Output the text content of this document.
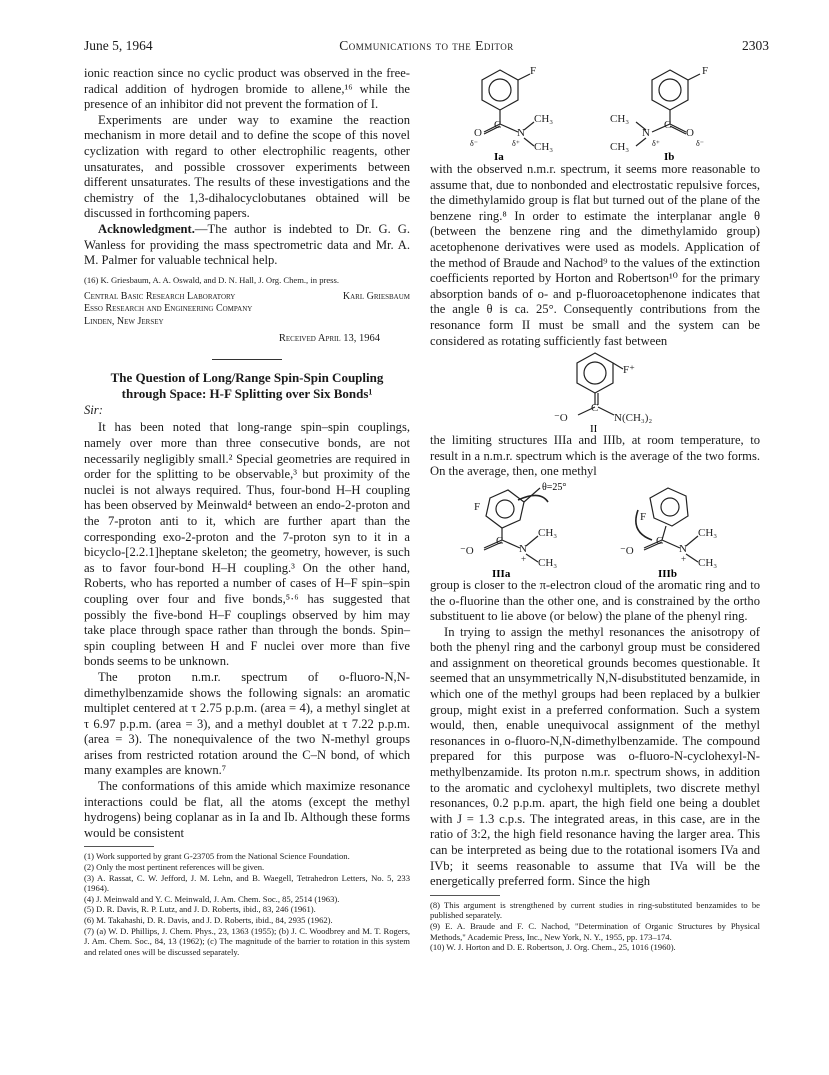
June 5, 1964	Communications to the Editor	2303

ionic reaction since no cyclic product was observed in the free-radical addition of hydrogen bromide to allene,¹⁶ while the presence of an inhibitor did not prevent the formation of I.

Experiments are under way to examine the reaction mechanism in more detail and to define the scope of this novel cyclization with regard to other electrophilic reagents, other unsaturates, and possible crossover experiments between different unsaturates. The results of these investigations and the chemistry of the 1,3-dihalocyclobutanes obtained will be discussed in forthcoming papers.

Acknowledgment.—The author is indebted to Dr. G. G. Wanless for providing the mass spectrometric data and Mr. A. M. Palmer for valuable technical help.

(16) K. Griesbaum, A. A. Oswald, and D. N. Hall, J. Org. Chem., in press.

Central Basic Research Laboratory	Karl Griesbaum
Esso Research and Engineering Company
Linden, New Jersey
Received April 13, 1964

The Question of Long/Range Spin-Spin Coupling

through Space: H-F Splitting over Six Bonds¹

Sir:

It has been noted that long-range spin–spin couplings, namely over more than three consecutive bonds, are not necessarily negligibly small.² Special geometries are required in order for the splitting to be observable,³ but proximity of the nuclei is not always required. Thus, four-bond H–H coupling has been observed by Meinwald⁴ between an endo-2-proton and the 7-proton anti to it, which are further apart than the corresponding exo-2-proton and the 7-proton syn to it in a bicyclo-[2.2.1]heptane skeleton; the geometry, however, is such as to favor four-bond H–H coupling.³ On the other hand, Roberts, who has reported a number of cases of H–F spin–spin coupling over four and five bonds,⁵·⁶ has suggested that possibly the five-bond H–F couplings observed by him may take place through space rather than through the bonds. Spin–spin coupling between H and F nuclei over more than five bonds seems to be unknown.

The proton n.m.r. spectrum of o-fluoro-N,N-dimethylbenzamide shows the following signals: an aromatic multiplet centered at τ 2.75 p.p.m. (area = 4), a methyl singlet at τ 6.97 p.p.m. (area = 3), and a methyl doublet at τ 7.22 p.p.m. (area = 3). The nonequivalence of the two N-methyl groups arises from restricted rotation around the C–N bond, of which many examples are known.⁷

The conformations of this amide which maximize resonance interactions could be flat, all the atoms (except the methyl hydrogens) being coplanar as in Ia and Ib. Although these forms would be consistent

(1) Work supported by grant G-23705 from the National Science Foundation.

(2) Only the most pertinent references will be given.

(3) A. Rassat, C. W. Jefford, J. M. Lehn, and B. Waegell, Tetrahedron Letters, No. 5, 233 (1964).

(4) J. Meinwald and Y. C. Meinwald, J. Am. Chem. Soc., 85, 2514 (1963).

(5) D. R. Davis, R. P. Lutz, and J. D. Roberts, ibid., 83, 246 (1961).

(6) M. Takahashi, D. R. Davis, and J. D. Roberts, ibid., 84, 2935 (1962).

(7) (a) W. D. Phillips, J. Chem. Phys., 23, 1363 (1955); (b) J. C. Woodbrey and M. T. Rogers, J. Am. Chem. Soc., 84, 13 (1962); (c) The magnitude of the barrier to rotation in this system and related ones will be discussed separately.

F
C
O	N
CH₃
CH₃
δ⁻	δ⁺
F
C
O
N
CH₃
CH₃	δ⁻
δ⁺
Ia	Ib

with the observed n.m.r. spectrum, it seems more reasonable to assume that, due to nonbonded and electrostatic repulsive forces, the dimethylamido group is flat but turned out of the plane of the benzene ring.⁸ In order to estimate the interplanar angle θ (between the benzene ring and the dimethylamido group) acetophenone derivatives were used as models. Application of the method of Braude and Nachod⁹ to the values of the extinction coefficients reported by Horton and Robertson¹⁰ for the primary absorption bands of o- and p-fluoroacetophenone indicates that the angle θ is ca. 25°. Consequently contributions from the resonance form II must be small and the system can be considered as rotating sufficiently fast between

F⁺
C
⁻O	N(CH₃)₂
II

the limiting structures IIIa and IIIb, at room temperature, to result in a n.m.r. spectrum which is the average of the two forms. On the average, then, one methyl

F
C
⁻O	N
CH₃
CH₃
+
F
C
⁻O	N
CH₃
CH₃
+
θ=25°
IIIa	IIIb

group is closer to the π-electron cloud of the aromatic ring and to the o-fluorine than the other one, and is constrained by the ortho substituent to lie above (or below) the plane of the phenyl ring.

In trying to assign the methyl resonances the anisotropy of both the phenyl ring and the carbonyl group must be considered and assignment on theoretical grounds becomes questionable. It seemed that an unsymmetrically N,N-disubstituted benzamide, in which one of the methyl groups had been replaced by a bulkier group, might exist in a preferred conformation. Such a system would, then, enable unequivocal assignment of the methyl resonances in o-fluoro-N,N-dimethylbenzamide. The compound prepared for this purpose was o-fluoro-N-cyclohexyl-N-methylbenzamide. Its proton n.m.r. spectrum shows, in addition to the aromatic and cyclohexyl multiplets, two discrete methyl resonances, 0.2 p.p.m. apart, the high field one being a doublet with J = 1.3 c.p.s. The integrated areas, in this case, are in the ratio of 3:2, the high field resonance having the larger area. This can be interpreted as being due to the rotational isomers IVa and IVb; it seems reasonable to assume that IVa will be the energetically preferred form. Since the high

(8) This argument is strengthened by current studies in ring-substituted benzamides to be published separately.

(9) E. A. Braude and F. C. Nachod, "Determination of Organic Structures by Physical Methods," Academic Press, Inc., New York, N. Y., 1955, pp. 173–174.

(10) W. J. Horton and D. E. Robertson, J. Org. Chem., 25, 1016 (1960).
